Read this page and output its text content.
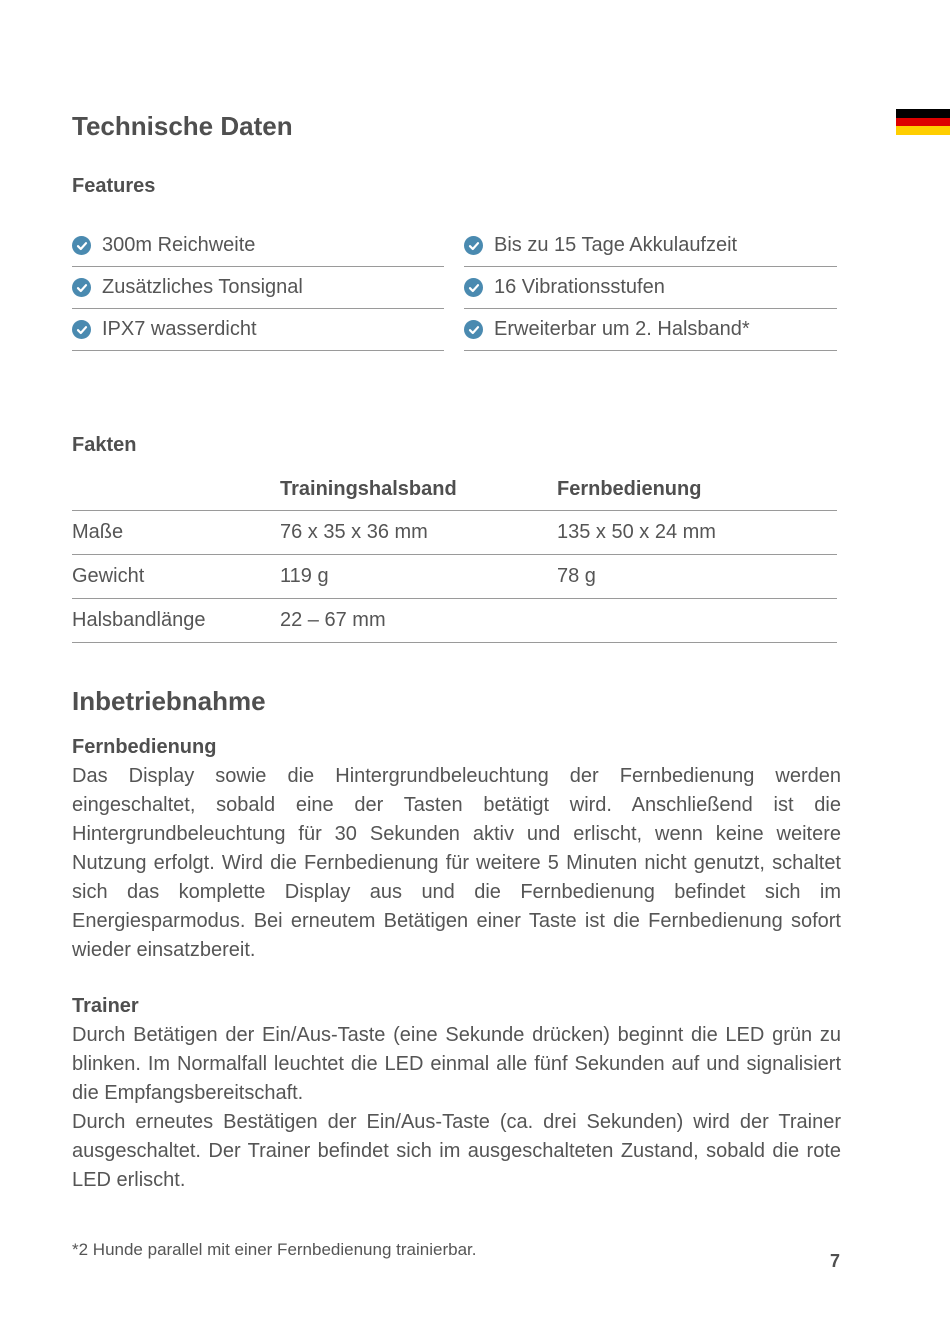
Technische Daten
Features
300m Reichweite	Bis zu 15 Tage Akkulaufzeit
Zusätzliches Tonsignal	16 Vibrationsstufen
IPX7 wasserdicht	Erweiterbar um 2. Halsband*
Fakten
	Trainingshalsband	Fernbedienung
Maße	76 x 35 x 36 mm	135 x 50 x 24 mm
Gewicht	119 g	78 g
Halsbandlänge	22 – 67 mm	
Inbetriebnahme
Fernbedienung

Das Display sowie die Hintergrundbeleuchtung der Fernbedienung werden eingeschaltet, sobald eine der Tasten betätigt wird. Anschließend ist die Hintergrundbeleuchtung für 30 Sekunden aktiv und erlischt, wenn keine weitere Nutzung erfolgt. Wird die Fernbedienung für weitere 5 Minuten nicht genutzt, schaltet sich das komplette Display aus und die Fernbedienung befindet sich im Energiesparmodus. Bei erneutem Betätigen einer Taste ist die Fernbedienung sofort wieder einsatzbereit.

Trainer

Durch Betätigen der Ein/Aus-Taste (eine Sekunde drücken) beginnt die LED grün zu blinken. Im Normalfall leuchtet die LED einmal alle fünf Sekunden auf und signalisiert die Empfangsbereitschaft.

Durch erneutes Bestätigen der Ein/Aus-Taste (ca. drei Sekunden) wird der Trainer ausgeschaltet. Der Trainer befindet sich im ausgeschalteten Zustand, sobald die rote LED erlischt.

*2 Hunde parallel mit einer Fernbedienung trainierbar.
7
